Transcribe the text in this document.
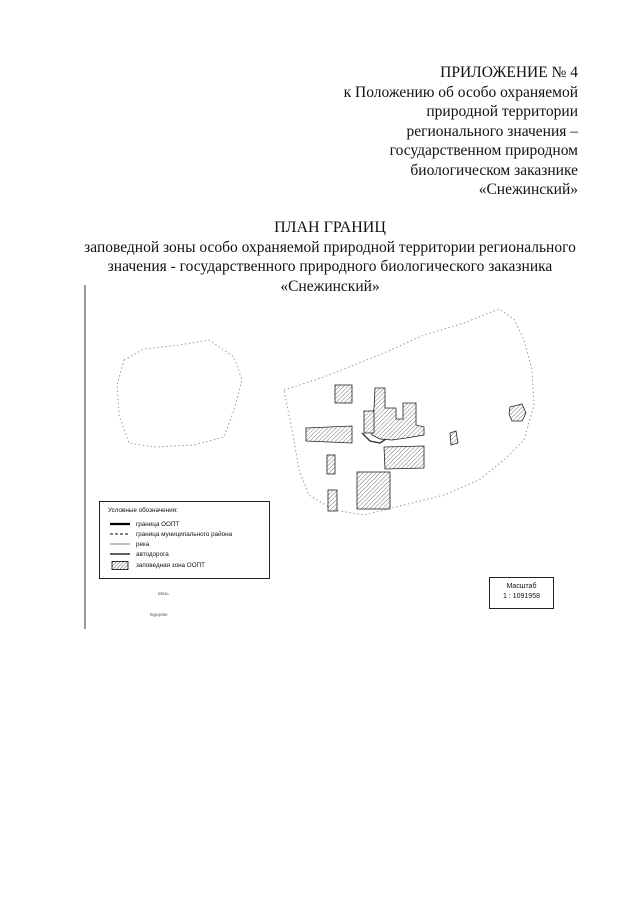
ПРИЛОЖЕНИЕ № 4
к Положению об особо охраняемой
природной территории
регионального значения –
государственном природном
биологическом заказнике
«Снежинский»
ПЛАН ГРАНИЦ
заповедной зоны особо охраняемой природной территории регионального
значения - государственного природного биологического заказника
«Снежинский»
Условные обозначения:
граница ООПТ
граница муниципального района
река
автодорога
заповедная зона ООПТ
Масштаб
1 : 1091958
Мазь
Бурцево
